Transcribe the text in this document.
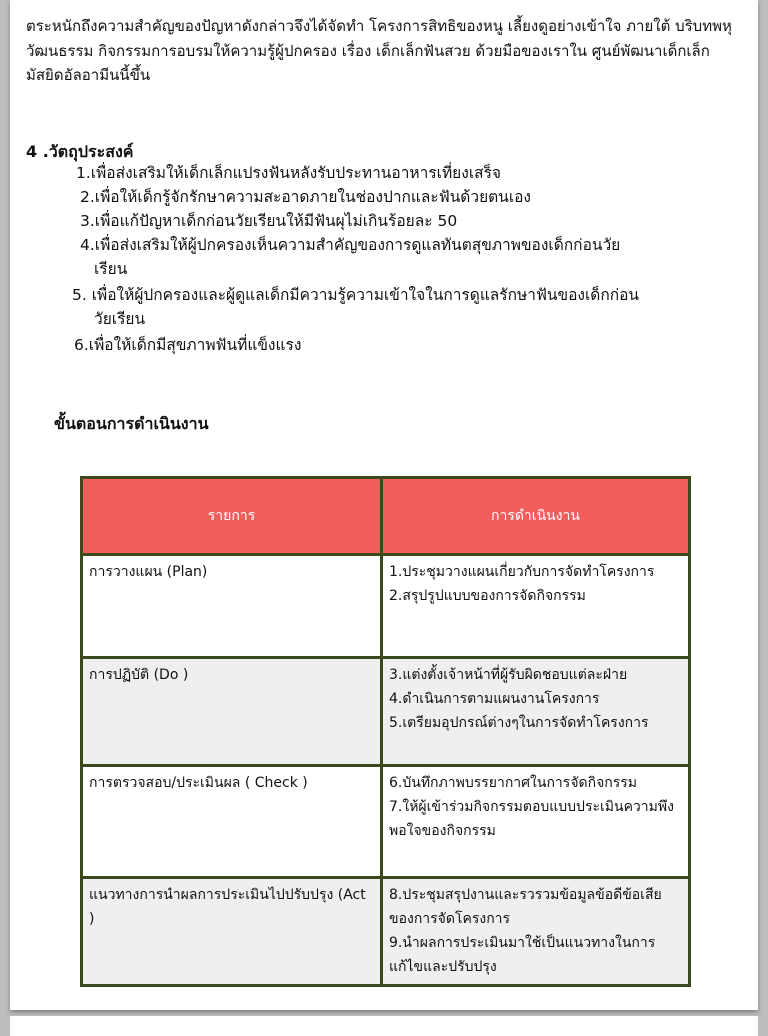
ตระหนักถึงความสำคัญของปัญหาดังกล่าวจึงได้จัดทำ โครงการสิทธิของหนู เลี้ยงดูอย่างเข้าใจ ภายใต้ บริบทพหุวัฒนธรรม กิจกรรมการอบรมให้ความรู้ผู้ปกครอง เรื่อง เด็กเล็กฟันสวย ด้วยมือของเราใน ศูนย์พัฒนาเด็กเล็กมัสยิดอัลอามีนนี้ขึ้น

4 .วัตถุประสงค์
1.เพื่อส่งเสริมให้เด็กเล็กแปรงฟันหลังรับประทานอาหารเที่ยงเสร็จ
2.เพื่อให้เด็กรู้จักรักษาความสะอาดภายในช่องปากและฟันด้วยตนเอง
3.เพื่อแก้ปัญหาเด็กก่อนวัยเรียนให้มีฟันผุไม่เกินร้อยละ 50
4.เพื่อส่งเสริมให้ผู้ปกครองเห็นความสำคัญของการดูแลทันตสุขภาพของเด็กก่อนวัย
เรียน
5. เพื่อให้ผู้ปกครองและผู้ดูแลเด็กมีความรู้ความเข้าใจในการดูแลรักษาฟันของเด็กก่อน
วัยเรียน
6.เพื่อให้เด็กมีสุขภาพฟันที่แข็งแรง
ขั้นตอนการดำเนินงาน
รายการ	การดำเนินงาน
การวางแผน (Plan)	1.ประชุมวางแผนเกี่ยวกับการจัดทำโครงการ
2.สรุปรูปแบบของการจัดกิจกรรม

การปฏิบัติ (Do )	3.แต่งตั้งเจ้าหน้าที่ผู้รับผิดชอบแต่ละฝ่าย
4.ดำเนินการตามแผนงานโครงการ
5.เตรียมอุปกรณ์ต่างๆในการจัดทำโครงการ

การตรวจสอบ/ประเมินผล ( Check )	6.บันทึกภาพบรรยากาศในการจัดกิจกรรม
7.ให้ผู้เข้าร่วมกิจกรรมตอบแบบประเมินความพึงพอใจของกิจกรรม

แนวทางการนำผลการประเมินไปปรับปรุง (Act )	8.ประชุมสรุปงานและรวรวมข้อมูลข้อดีข้อเสียของการจัดโครงการ
9.นำผลการประเมินมาใช้เป็นแนวทางในการแก้ไขและปรับปรุง
